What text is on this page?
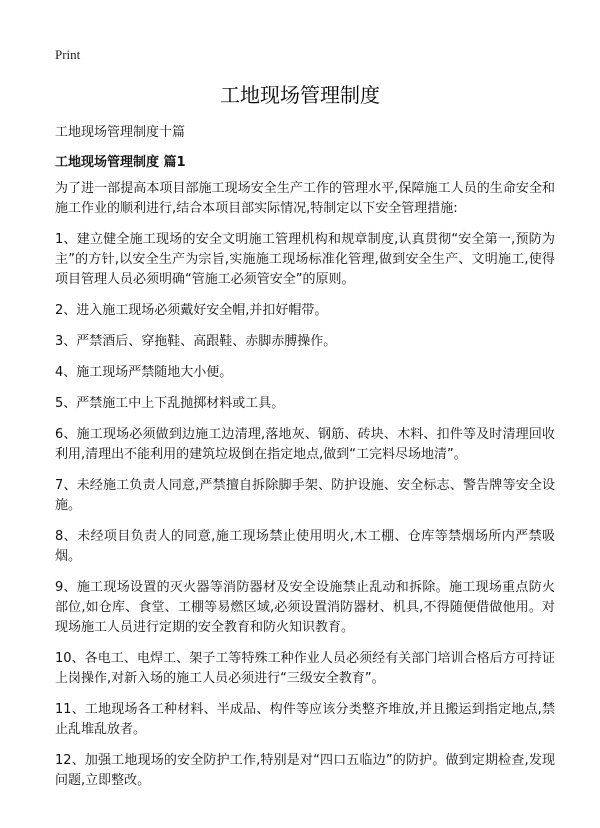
Print
工地现场管理制度

工地现场管理制度十篇

工地现场管理制度 篇1

为了进一部提高本项目部施工现场安全生产工作的管理水平,保障施工人员的生命安全和施工作业的顺利进行,结合本项目部实际情况,特制定以下安全管理措施:

1、建立健全施工现场的安全文明施工管理机构和规章制度,认真贯彻“安全第一,预防为主”的方针,以安全生产为宗旨,实施施工现场标准化管理,做到安全生产、文明施工,使得项目管理人员必须明确“管施工必须管安全”的原则。

2、进入施工现场必须戴好安全帽,并扣好帽带。

3、严禁酒后、穿拖鞋、高跟鞋、赤脚赤膊操作。

4、施工现场严禁随地大小便。

5、严禁施工中上下乱抛掷材料或工具。

6、施工现场必须做到边施工边清理,落地灰、钢筋、砖块、木料、扣件等及时清理回收利用,清理出不能利用的建筑垃圾倒在指定地点,做到“工完料尽场地清”。

7、未经施工负责人同意,严禁擅自拆除脚手架、防护设施、安全标志、警告牌等安全设施。

8、未经项目负责人的同意,施工现场禁止使用明火,木工棚、仓库等禁烟场所内严禁吸烟。

9、施工现场设置的灭火器等消防器材及安全设施禁止乱动和拆除。施工现场重点防火部位,如仓库、食堂、工棚等易燃区域,必须设置消防器材、机具,不得随便借做他用。对现场施工人员进行定期的安全教育和防火知识教育。

10、各电工、电焊工、架子工等特殊工种作业人员必须经有关部门培训合格后方可持证上岗操作,对新入场的施工人员必须进行“三级安全教育”。

11、工地现场各工种材料、半成品、构件等应该分类整齐堆放,并且搬运到指定地点,禁止乱堆乱放者。

12、加强工地现场的安全防护工作,特别是对“四口五临边”的防护。做到定期检查,发现问题,立即整改。
